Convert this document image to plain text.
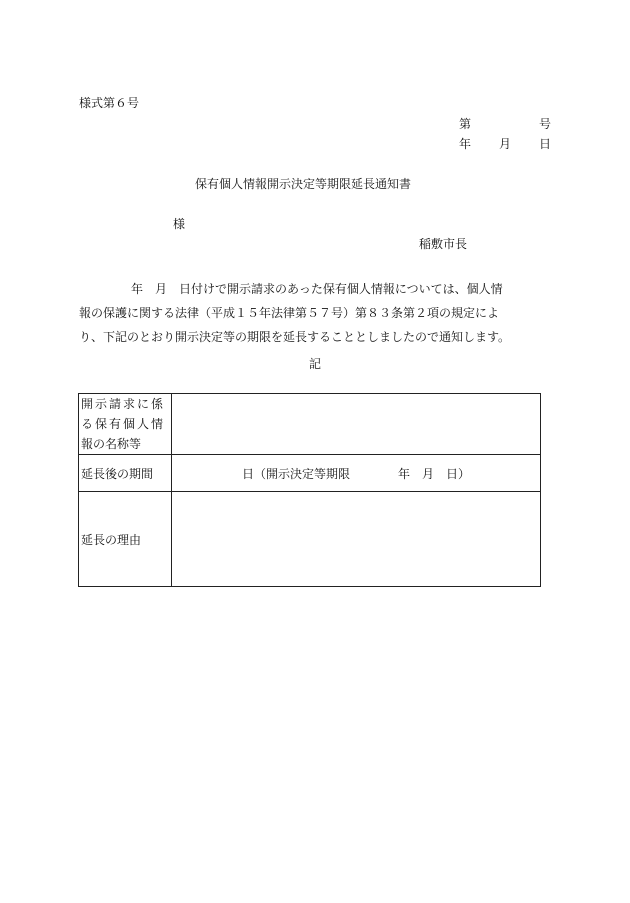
様式第６号
第	号
年 月 日
保有個人情報開示決定等期限延長通知書
様
稲敷市長
年　月　日付けで開示請求のあった保有個人情報については、個人情
報の保護に関する法律（平成１５年法律第５７号）第８３条第２項の規定によ
り、下記のとおり開示決定等の期限を延長することとしましたので通知します。
記
開示請求に係
る保有個人情
報の名称等	

延長後の期間	日（開示決定等期限　　　　年　月　日）
延長の理由	
